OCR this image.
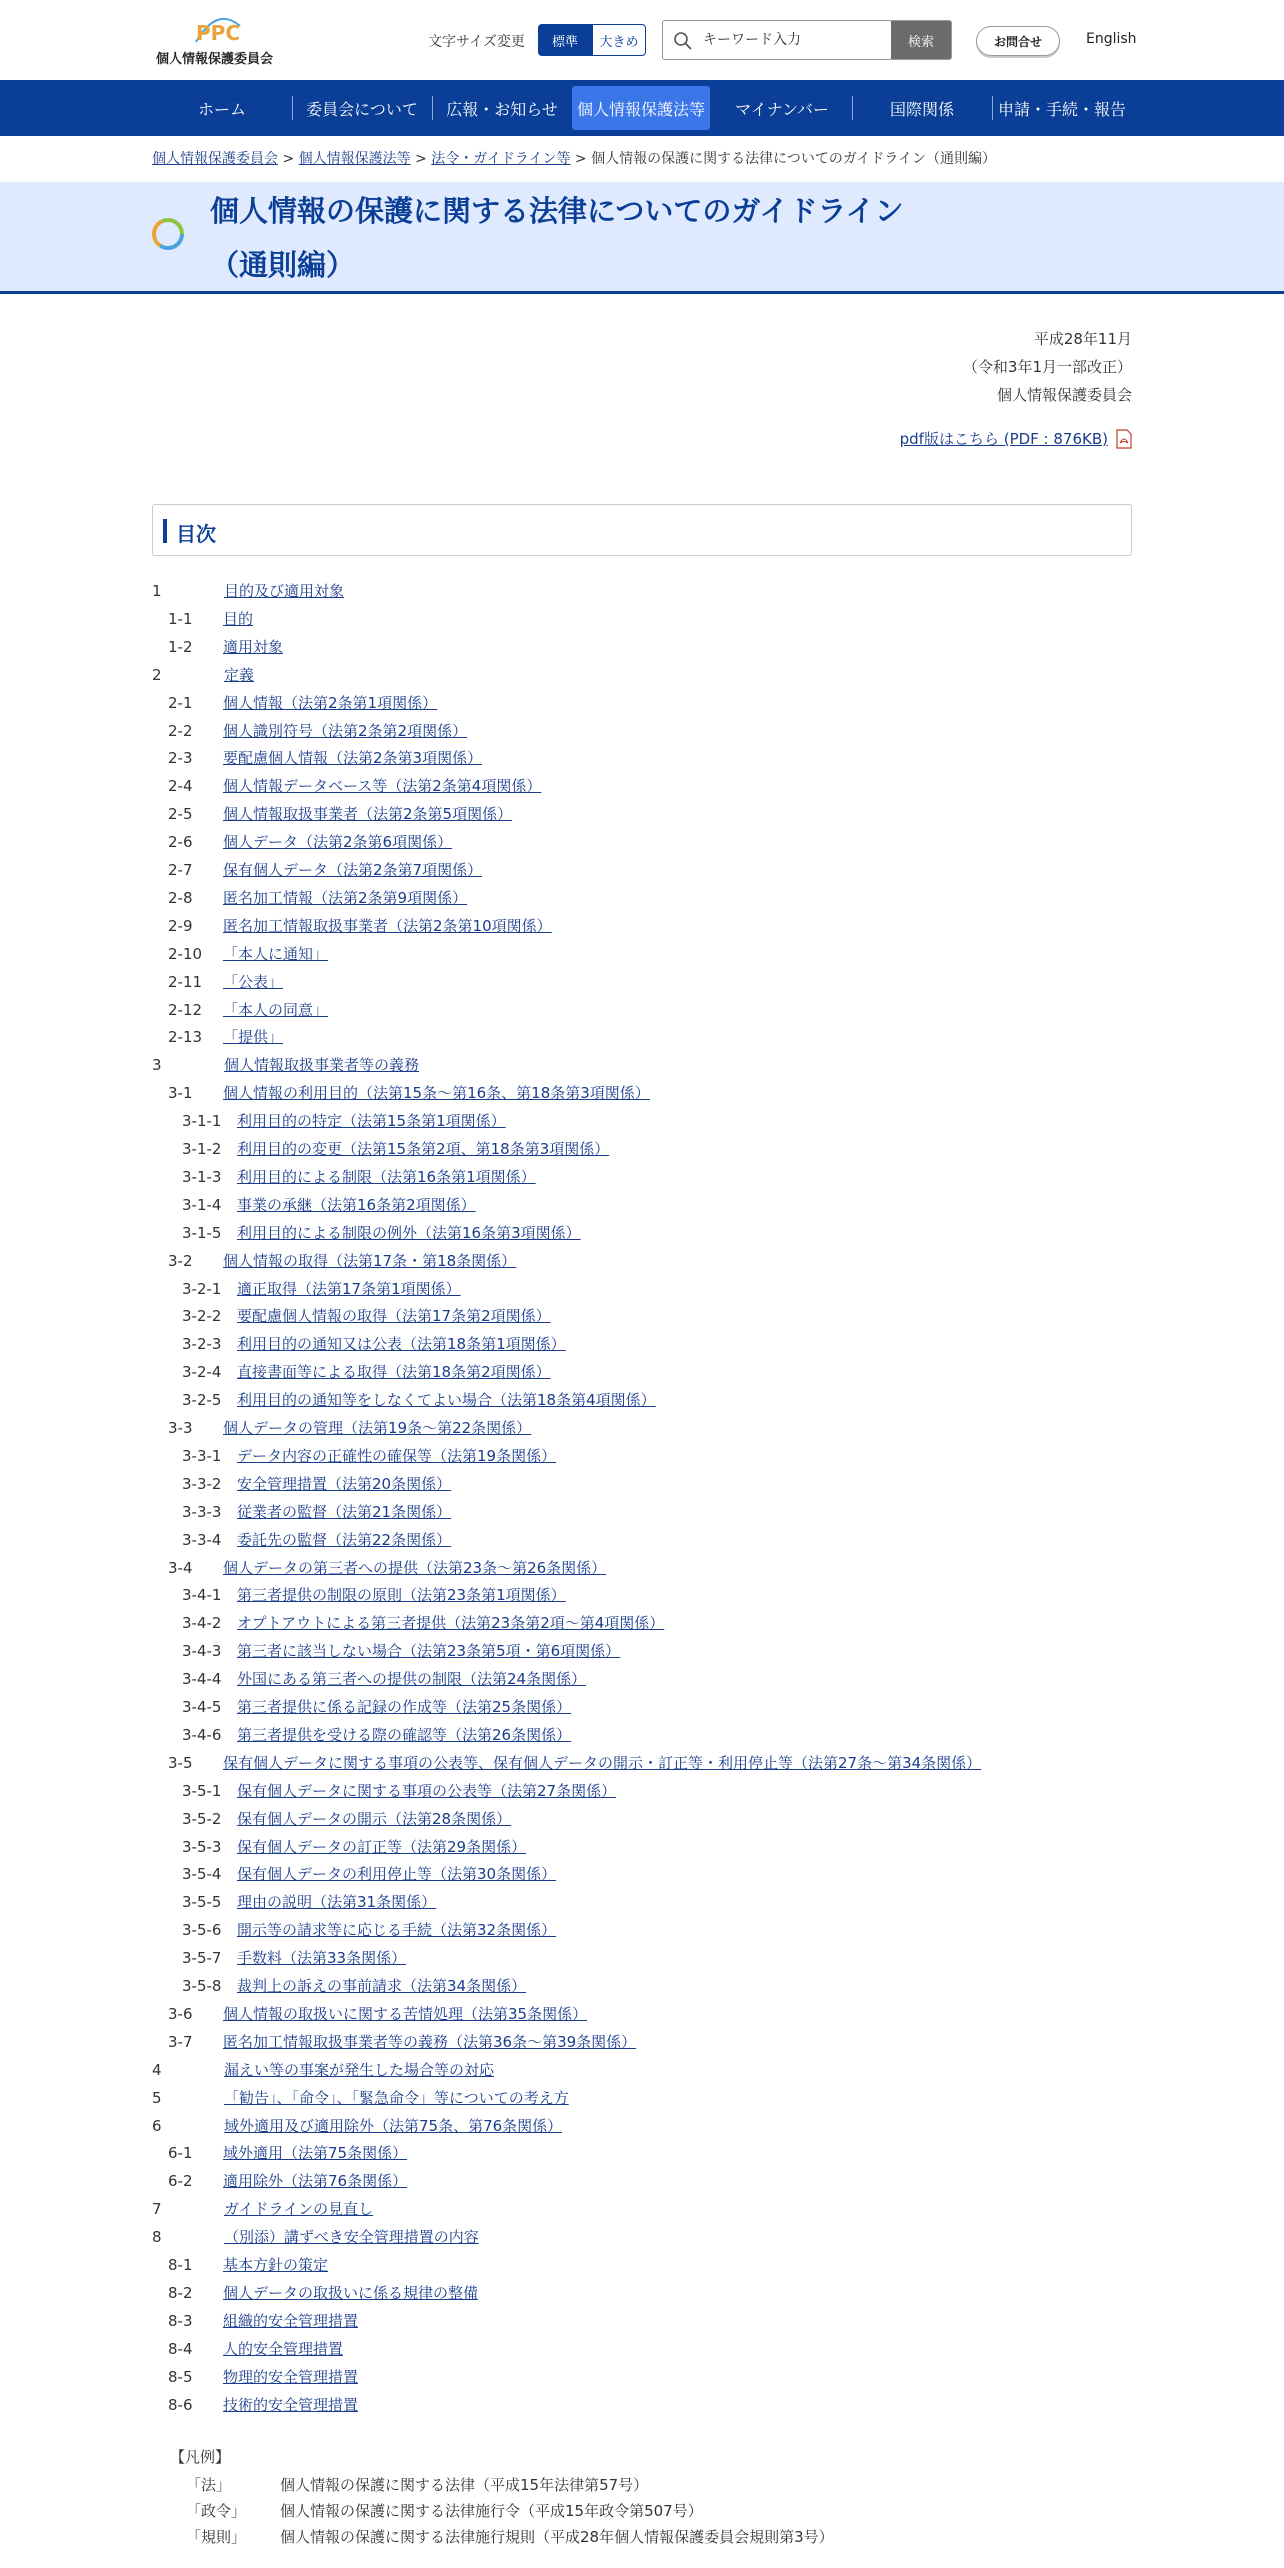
PPC
個人情報保護委員会
文字サイズ変更	標準	大きめ
キーワード入力	検索	お問合せ	English
ホーム	委員会について	広報・お知らせ	個人情報保護法等	マイナンバー	国際関係	申請・手続・報告
個人情報保護委員会 > 個人情報保護法等 > 法令・ガイドライン等 > 個人情報の保護に関する法律についてのガイドライン（通則編）
個人情報の保護に関する法律についてのガイドライン
（通則編）
平成28年11月
（令和3年1月一部改正）
個人情報保護委員会
pdf版はこちら (PDF : 876KB)
目次
1	目的及び適用対象
1-1 目的
1-2 適用対象
2	定義
2-1 個人情報（法第2条第1項関係）
2-2 個人識別符号（法第2条第2項関係）
2-3 要配慮個人情報（法第2条第3項関係）
2-4 個人情報データベース等（法第2条第4項関係）
2-5 個人情報取扱事業者（法第2条第5項関係）
2-6 個人データ（法第2条第6項関係）
2-7 保有個人データ（法第2条第7項関係）
2-8 匿名加工情報（法第2条第9項関係）
2-9 匿名加工情報取扱事業者（法第2条第10項関係）
2-10 「本人に通知」
2-11 「公表」
2-12 「本人の同意」
2-13 「提供」
3	個人情報取扱事業者等の義務
3-1 個人情報の利用目的（法第15条～第16条、第18条第3項関係）
3-1-1 利用目的の特定（法第15条第1項関係）
3-1-2 利用目的の変更（法第15条第2項、第18条第3項関係）
3-1-3 利用目的による制限（法第16条第1項関係）
3-1-4 事業の承継（法第16条第2項関係）
3-1-5 利用目的による制限の例外（法第16条第3項関係）
3-2 個人情報の取得（法第17条・第18条関係）
3-2-1 適正取得（法第17条第1項関係）
3-2-2 要配慮個人情報の取得（法第17条第2項関係）
3-2-3 利用目的の通知又は公表（法第18条第1項関係）
3-2-4 直接書面等による取得（法第18条第2項関係）
3-2-5 利用目的の通知等をしなくてよい場合（法第18条第4項関係）
3-3 個人データの管理（法第19条～第22条関係）
3-3-1 データ内容の正確性の確保等（法第19条関係）
3-3-2 安全管理措置（法第20条関係）
3-3-3 従業者の監督（法第21条関係）
3-3-4 委託先の監督（法第22条関係）
3-4 個人データの第三者への提供（法第23条～第26条関係）
3-4-1 第三者提供の制限の原則（法第23条第1項関係）
3-4-2 オプトアウトによる第三者提供（法第23条第2項～第4項関係）
3-4-3 第三者に該当しない場合（法第23条第5項・第6項関係）
3-4-4 外国にある第三者への提供の制限（法第24条関係）
3-4-5 第三者提供に係る記録の作成等（法第25条関係）
3-4-6 第三者提供を受ける際の確認等（法第26条関係）
3-5 保有個人データに関する事項の公表等、保有個人データの開示・訂正等・利用停止等（法第27条～第34条関係）
3-5-1 保有個人データに関する事項の公表等（法第27条関係）
3-5-2 保有個人データの開示（法第28条関係）
3-5-3 保有個人データの訂正等（法第29条関係）
3-5-4 保有個人データの利用停止等（法第30条関係）
3-5-5 理由の説明（法第31条関係）
3-5-6 開示等の請求等に応じる手続（法第32条関係）
3-5-7 手数料（法第33条関係）
3-5-8 裁判上の訴えの事前請求（法第34条関係）
3-6 個人情報の取扱いに関する苦情処理（法第35条関係）
3-7 匿名加工情報取扱事業者等の義務（法第36条～第39条関係）
4	漏えい等の事案が発生した場合等の対応
5	「勧告」、「命令」、「緊急命令」等についての考え方
6	域外適用及び適用除外（法第75条、第76条関係）
6-1 域外適用（法第75条関係）
6-2 適用除外（法第76条関係）
7	ガイドラインの見直し
8	（別添）講ずべき安全管理措置の内容
8-1 基本方針の策定
8-2 個人データの取扱いに係る規律の整備
8-3 組織的安全管理措置
8-4 人的安全管理措置
8-5 物理的安全管理措置
8-6 技術的安全管理措置
【凡例】
「法」	個人情報の保護に関する法律（平成15年法律第57号）
「政令」 個人情報の保護に関する法律施行令（平成15年政令第507号）
「規則」 個人情報の保護に関する法律施行規則（平成28年個人情報保護委員会規則第3号）
